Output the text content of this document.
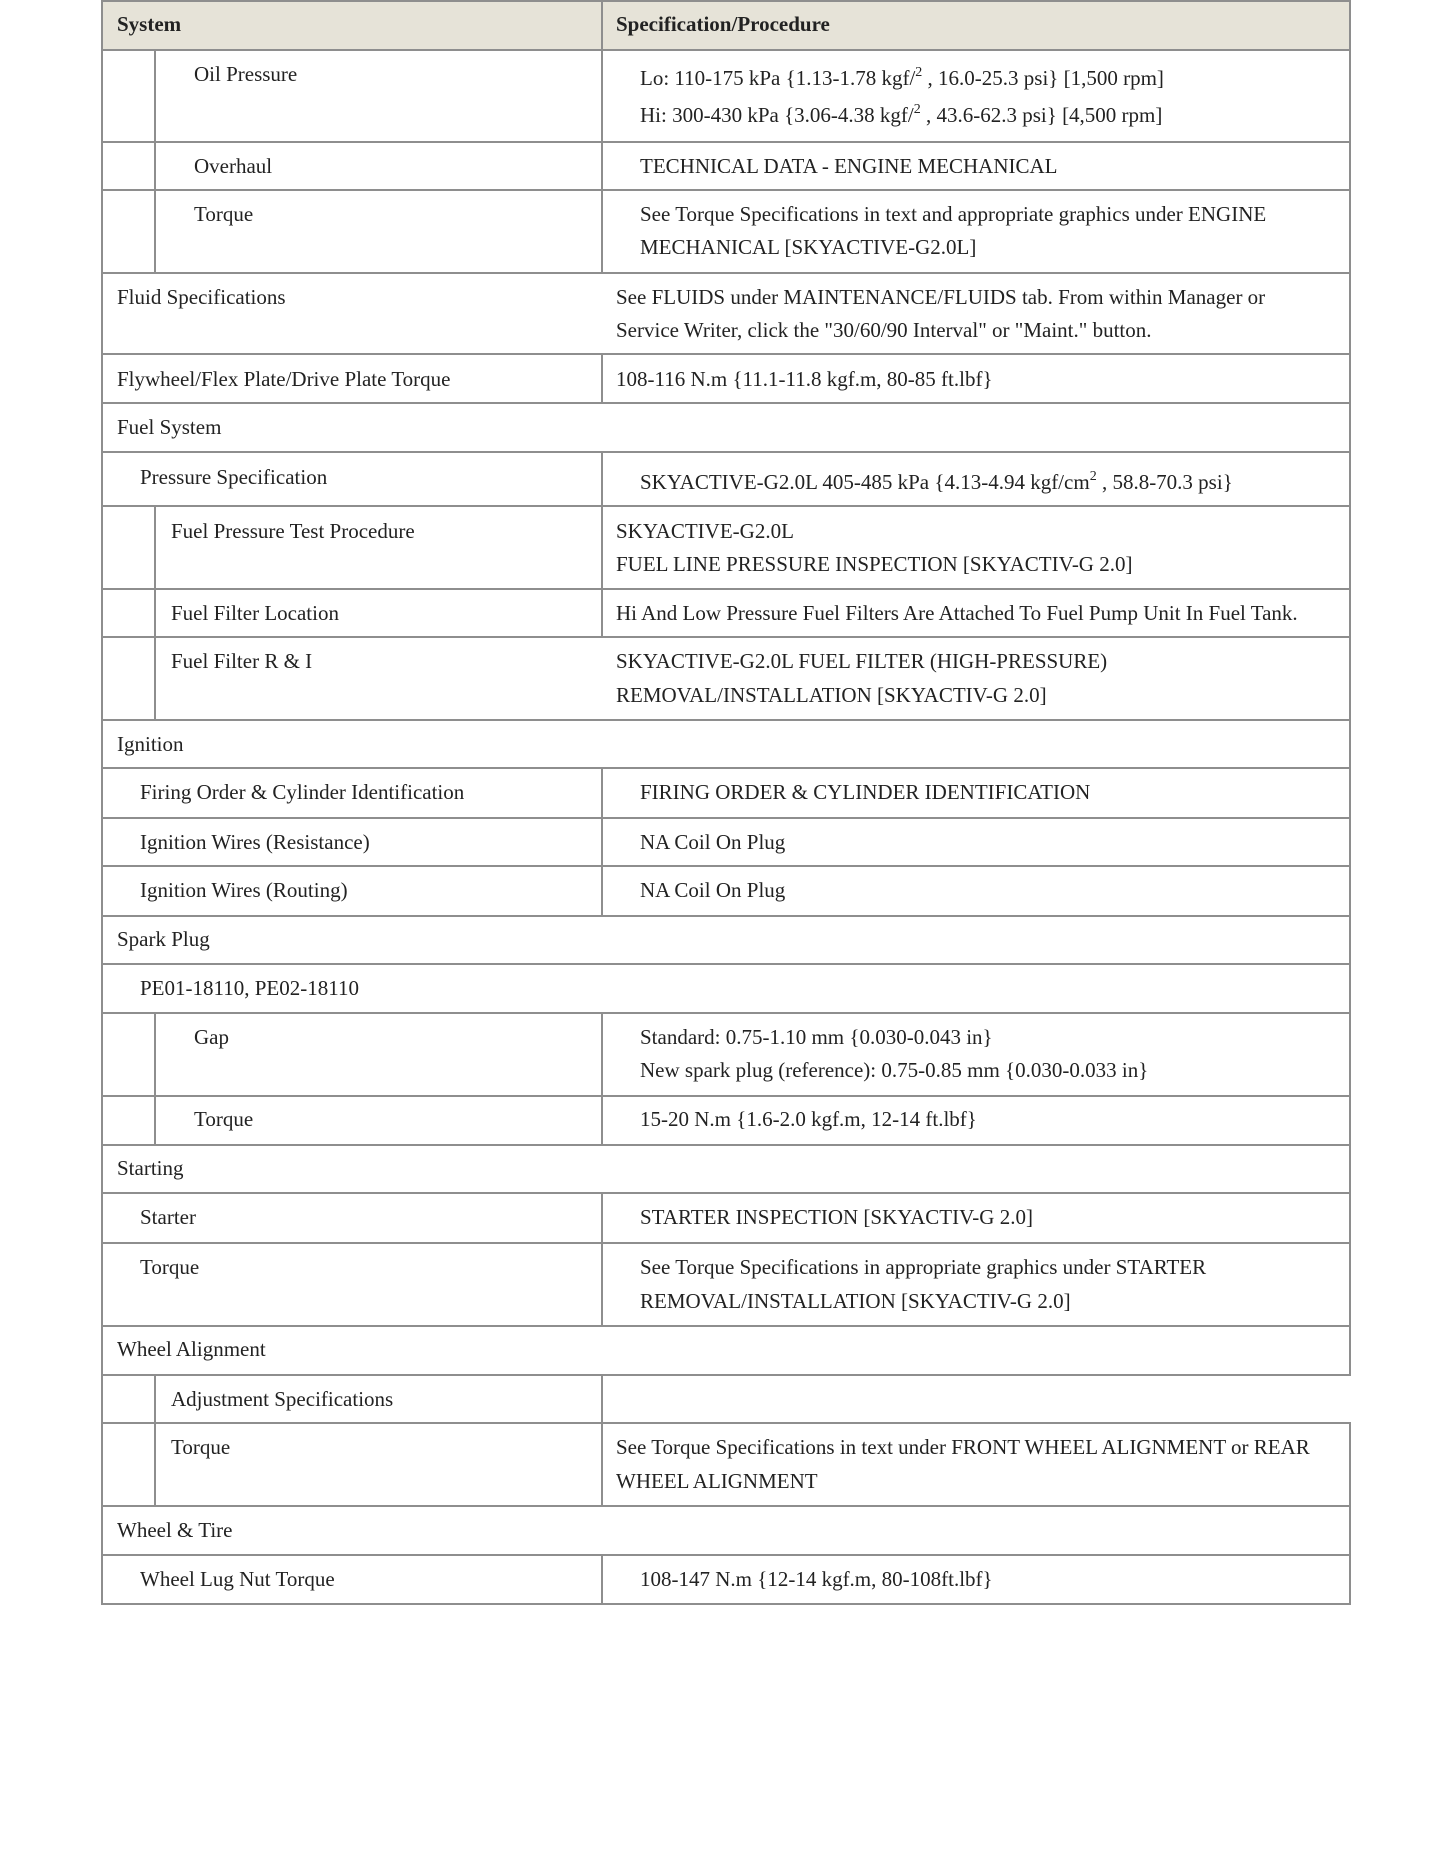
System	Specification/Procedure
Oil Pressure	Lo: 110-175 kPa {1.13-1.78 kgf/$^2$ , 16.0-25.3 psi} [1,500 rpm]
Hi: 300-430 kPa {3.06-4.38 kgf/$^2$ , 43.6-62.3 psi} [4,500 rpm]
Overhaul	TECHNICAL DATA - ENGINE MECHANICAL
Torque	See Torque Specifications in text and appropriate graphics under ENGINE
MECHANICAL [SKYACTIVE-G2.0L]
Fluid Specifications	See FLUIDS under MAINTENANCE/FLUIDS tab. From within Manager or
Service Writer, click the "30/60/90 Interval" or "Maint." button.
Flywheel/Flex Plate/Drive Plate Torque	108-116 N.m {11.1-11.8 kgf.m, 80-85 ft.lbf}
Fuel System
Pressure Specification	SKYACTIVE-G2.0L 405-485 kPa {4.13-4.94 kgf/$cm^2$ , 58.8-70.3 psi}
Fuel Pressure Test Procedure	SKYACTIVE-G2.0L
FUEL LINE PRESSURE INSPECTION [SKYACTIV-G 2.0]
Fuel Filter Location	Hi And Low Pressure Fuel Filters Are Attached To Fuel Pump Unit In Fuel Tank.
Fuel Filter R & I	SKYACTIVE-G2.0L FUEL FILTER (HIGH-PRESSURE)
REMOVAL/INSTALLATION [SKYACTIV-G 2.0]
Ignition
Firing Order & Cylinder Identification	FIRING ORDER & CYLINDER IDENTIFICATION
Ignition Wires (Resistance)	NA Coil On Plug
Ignition Wires (Routing)	NA Coil On Plug
Spark Plug
PE01-18110, PE02-18110
Gap	Standard: 0.75-1.10 mm {0.030-0.043 in}
New spark plug (reference): 0.75-0.85 mm {0.030-0.033 in}
Torque	15-20 N.m {1.6-2.0 kgf.m, 12-14 ft.lbf}
Starting
Starter	STARTER INSPECTION [SKYACTIV-G 2.0]
Torque	See Torque Specifications in appropriate graphics under STARTER
REMOVAL/INSTALLATION [SKYACTIV-G 2.0]
Wheel Alignment
Adjustment Specifications
Torque	See Torque Specifications in text under FRONT WHEEL ALIGNMENT or REAR
WHEEL ALIGNMENT
Wheel & Tire
Wheel Lug Nut Torque	108-147 N.m {12-14 kgf.m, 80-108ft.lbf}
